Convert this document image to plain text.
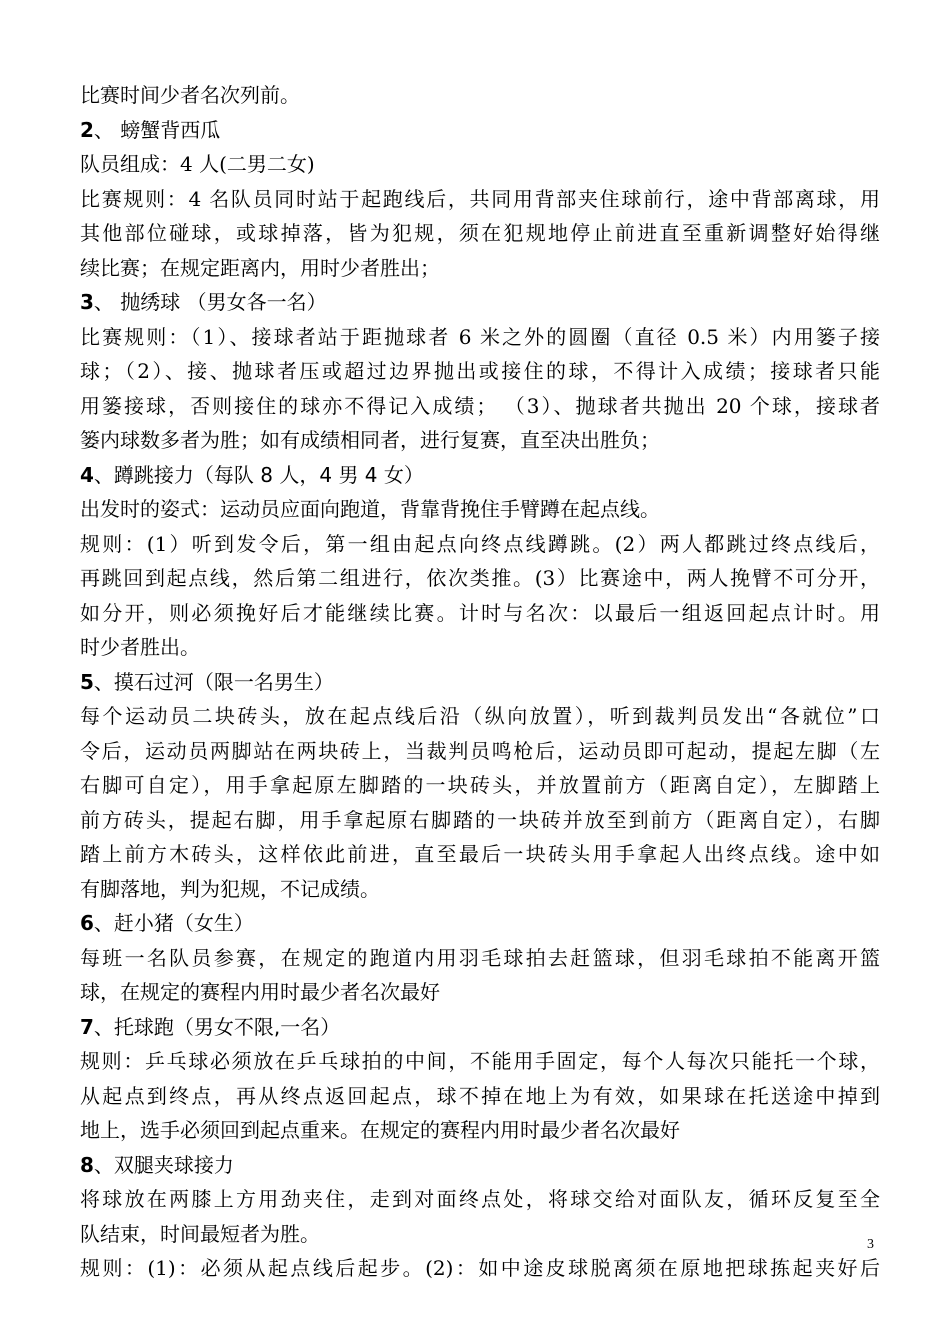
比赛时间少者名次列前。
2、 螃蟹背西瓜
队员组成：4 人(二男二女)
比赛规则：4 名队员同时站于起跑线后，共同用背部夹住球前行，途中背部离球，用
其他部位碰球，或球掉落，皆为犯规，须在犯规地停止前进直至重新调整好始得继
续比赛；在规定距离内，用时少者胜出；
3、 抛绣球 （男女各一名）
比赛规则：（1）、接球者站于距抛球者 6 米之外的圆圈（直径 0.5 米）内用篓子接
球；（2）、接、抛球者压或超过边界抛出或接住的球，不得计入成绩；接球者只能
用篓接球，否则接住的球亦不得记入成绩； （3）、抛球者共抛出 20 个球，接球者
篓内球数多者为胜；如有成绩相同者，进行复赛，直至决出胜负；
4、蹲跳接力（每队 8 人，4 男 4 女）
出发时的姿式：运动员应面向跑道，背靠背挽住手臂蹲在起点线。
规则：(1）听到发令后，第一组由起点向终点线蹲跳。(2）两人都跳过终点线后，
再跳回到起点线，然后第二组进行，依次类推。(3）比赛途中，两人挽臂不可分开，
如分开，则必须挽好后才能继续比赛。计时与名次：以最后一组返回起点计时。用
时少者胜出。
5、摸石过河（限一名男生）
每个运动员二块砖头，放在起点线后沿（纵向放置），听到裁判员发出“各就位”口
令后，运动员两脚站在两块砖上，当裁判员鸣枪后，运动员即可起动，提起左脚（左
右脚可自定），用手拿起原左脚踏的一块砖头，并放置前方（距离自定），左脚踏上
前方砖头，提起右脚，用手拿起原右脚踏的一块砖并放至到前方（距离自定），右脚
踏上前方木砖头，这样依此前进，直至最后一块砖头用手拿起人出终点线。途中如
有脚落地，判为犯规，不记成绩。
6、赶小猪（女生）
每班一名队员参赛，在规定的跑道内用羽毛球拍去赶篮球，但羽毛球拍不能离开篮
球，在规定的赛程内用时最少者名次最好
7、托球跑（男女不限,一名）
规则：乒乓球必须放在乒乓球拍的中间，不能用手固定，每个人每次只能托一个球，
从起点到终点，再从终点返回起点，球不掉在地上为有效，如果球在托送途中掉到
地上，选手必须回到起点重来。在规定的赛程内用时最少者名次最好
8、双腿夹球接力
将球放在两膝上方用劲夹住，走到对面终点处，将球交给对面队友，循环反复至全
队结束，时间最短者为胜。
规则：(1)：必须从起点线后起步。(2)：如中途皮球脱离须在原地把球拣起夹好后
3
